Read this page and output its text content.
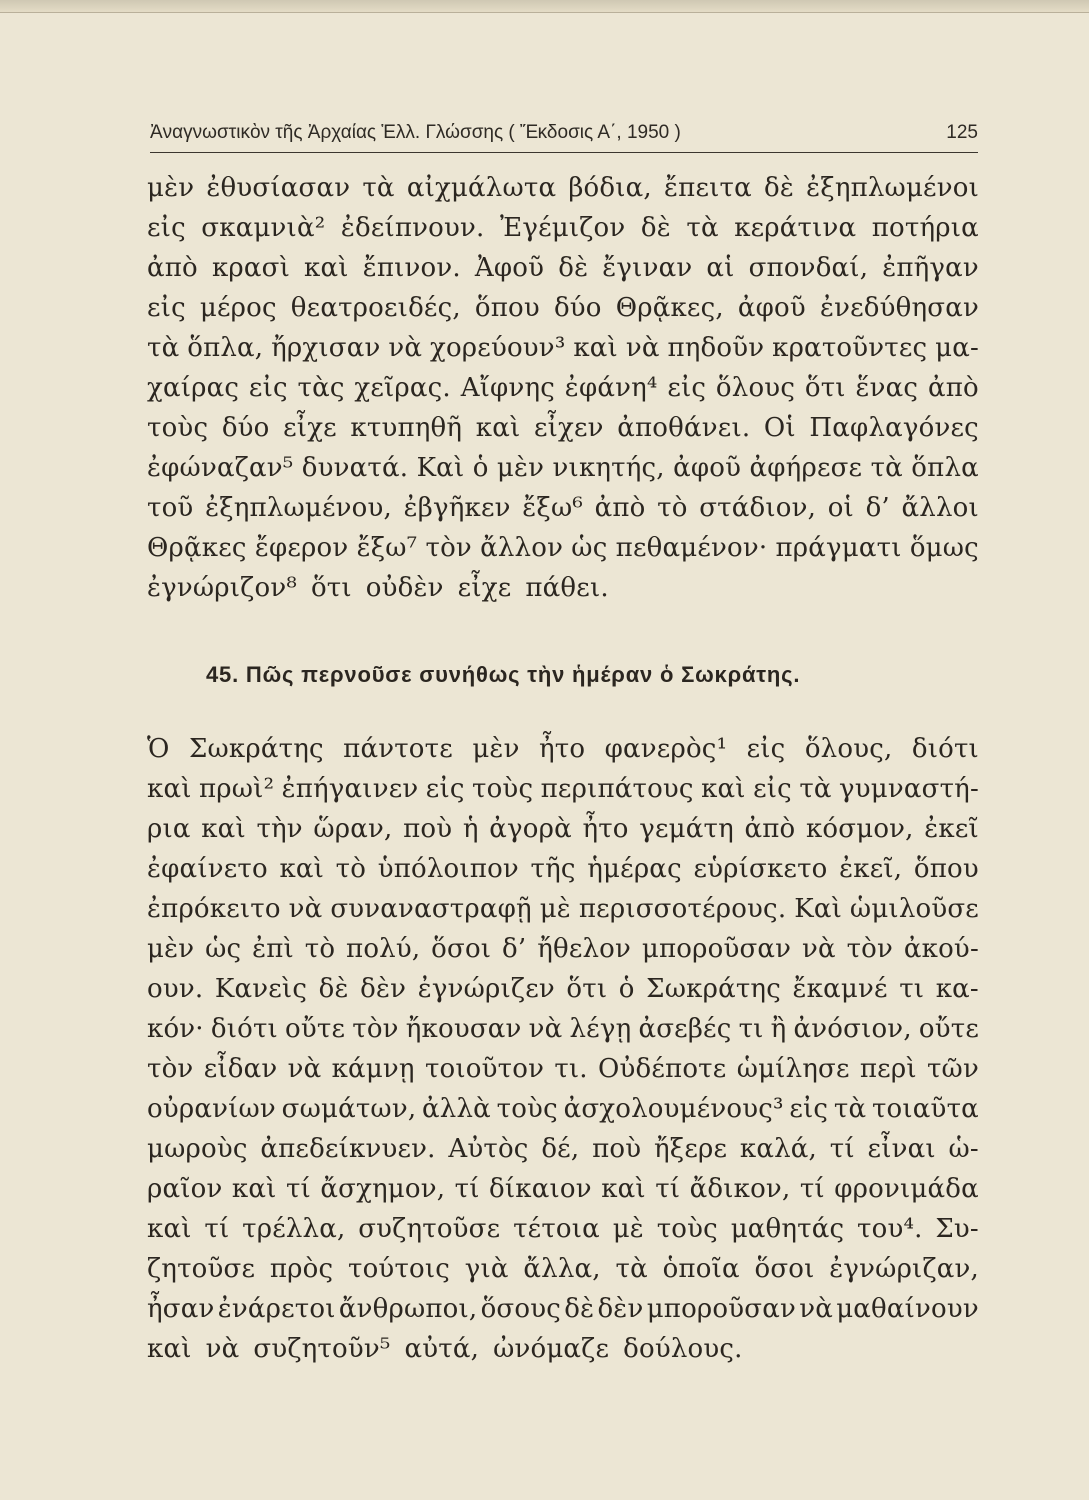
Ἀναγνωστικὸν τῆς Ἀρχαίας Ἑλλ. Γλώσσης ( Ἔκδοσις Α΄, 1950 )	125
μὲν ἐθυσίασαν τὰ αἰχμάλωτα βόδια, ἔπειτα δὲ ἐξηπλωμένοι
εἰς σκαμνιὰ² ἐδείπνουν. Ἐγέμιζον δὲ τὰ κεράτινα ποτήρια
ἀπὸ κρασὶ καὶ ἔπινον. Ἀφοῦ δὲ ἔγιναν αἱ σπονδαί, ἐπῆγαν
εἰς μέρος θεατροειδές, ὅπου δύο Θρᾷκες, ἀφοῦ ἐνεδύθησαν
τὰ ὅπλα, ἤρχισαν νὰ χορεύουν³ καὶ νὰ πηδοῦν κρατοῦντες μα-
χαίρας εἰς τὰς χεῖρας. Αἴφνης ἐφάνη⁴ εἰς ὅλους ὅτι ἕνας ἀπὸ
τοὺς δύο εἶχε κτυπηθῆ καὶ εἶχεν ἀποθάνει. Οἱ Παφλαγόνες
ἐφώναζαν⁵ δυνατά. Καὶ ὁ μὲν νικητής, ἀφοῦ ἀφήρεσε τὰ ὅπλα
τοῦ ἐξηπλωμένου, ἐβγῆκεν ἔξω⁶ ἀπὸ τὸ στάδιον, οἱ δ’ ἄλλοι
Θρᾷκες ἔφερον ἔξω⁷ τὸν ἄλλον ὡς πεθαμένον· πράγματι ὅμως
ἐγνώριζον⁸ ὅτι οὐδὲν εἶχε πάθει.
45. Πῶς περνοῦσε συνήθως τὴν ἡμέραν ὁ Σωκράτης.
Ὁ Σωκράτης πάντοτε μὲν ἦτο φανερὸς¹ εἰς ὅλους, διότι
καὶ πρωὶ² ἐπήγαινεν εἰς τοὺς περιπάτους καὶ εἰς τὰ γυμναστή-
ρια καὶ τὴν ὥραν, ποὺ ἡ ἀγορὰ ἦτο γεμάτη ἀπὸ κόσμον, ἐκεῖ
ἐφαίνετο καὶ τὸ ὑπόλοιπον τῆς ἡμέρας εὑρίσκετο ἐκεῖ, ὅπου
ἐπρόκειτο νὰ συναναστραφῇ μὲ περισσοτέρους. Καὶ ὡμιλοῦσε
μὲν ὡς ἐπὶ τὸ πολύ, ὅσοι δ’ ἤθελον μποροῦσαν νὰ τὸν ἀκού-
ουν. Κανεὶς δὲ δὲν ἐγνώριζεν ὅτι ὁ Σωκράτης ἔκαμνέ τι κα-
κόν· διότι οὔτε τὸν ἤκουσαν νὰ λέγῃ ἀσεβές τι ἢ ἀνόσιον, οὔτε
τὸν εἶδαν νὰ κάμνῃ τοιοῦτον τι. Οὐδέποτε ὡμίλησε περὶ τῶν
οὐρανίων σωμάτων, ἀλλὰ τοὺς ἀσχολουμένους³ εἰς τὰ τοιαῦτα
μωροὺς ἀπεδείκνυεν. Αὐτὸς δέ, ποὺ ἤξερε καλά, τί εἶναι ὡ-
ραῖον καὶ τί ἄσχημον, τί δίκαιον καὶ τί ἄδικον, τί φρονιμάδα
καὶ τί τρέλλα, συζητοῦσε τέτοια μὲ τοὺς μαθητάς του⁴. Συ-
ζητοῦσε πρὸς τούτοις γιὰ ἄλλα, τὰ ὁποῖα ὅσοι ἐγνώριζαν,
ἦσαν ἐνάρετοι ἄνθρωποι, ὅσους δὲ δὲν μποροῦσαν νὰ μαθαίνουν
καὶ νὰ συζητοῦν⁵ αὐτά, ὠνόμαζε δούλους.
